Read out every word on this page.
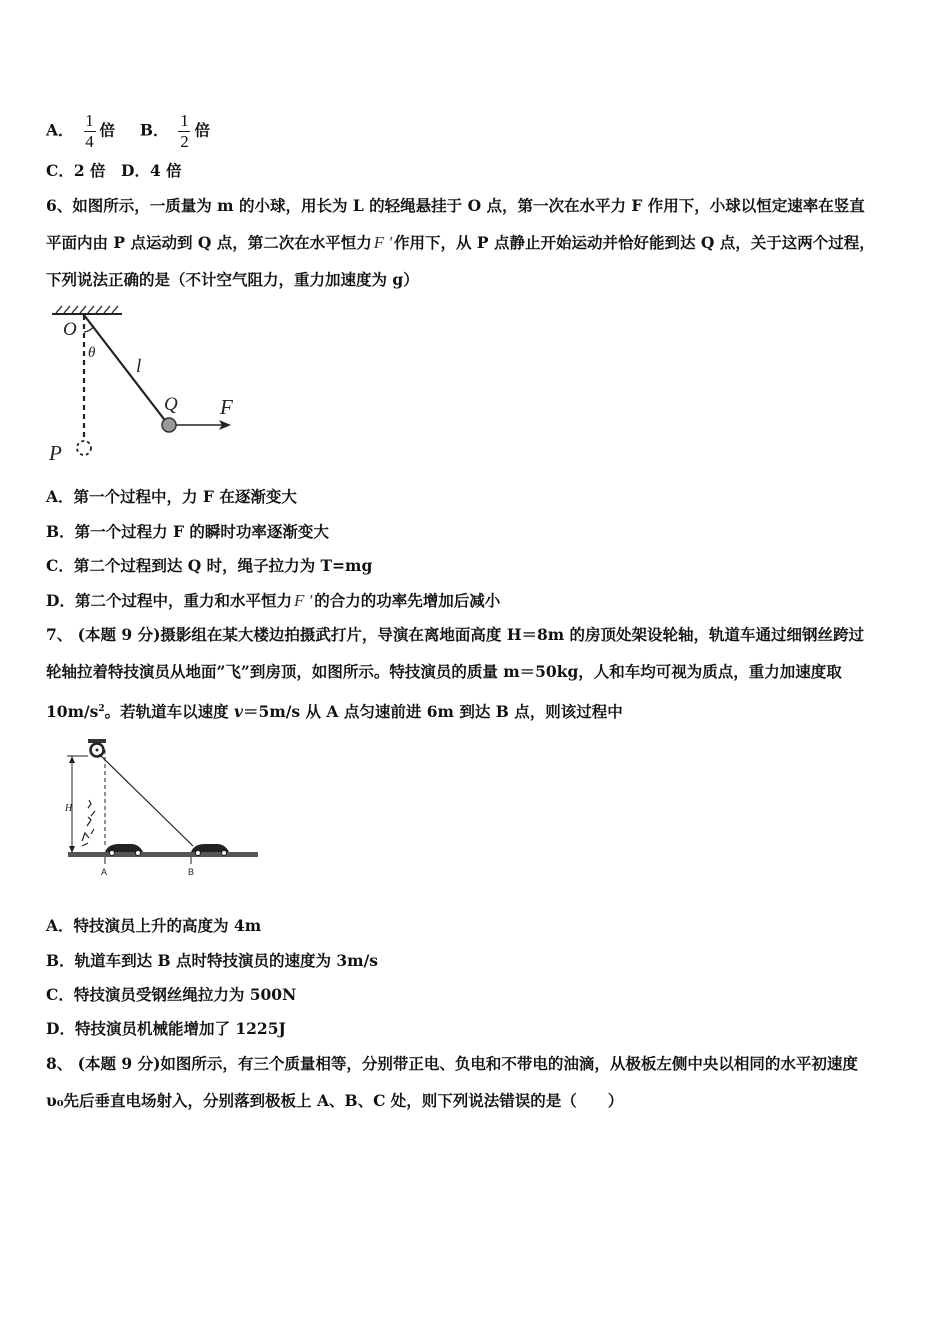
A． $\frac{1}{4}$ 倍 B． $\frac{1}{2}$ 倍
C．2 倍　D．4 倍
6、如图所示，一质量为 m 的小球，用长为 L 的轻绳悬挂于 O 点，第一次在水平力 F 作用下，小球以恒定速率在竖直
平面内由 P 点运动到 Q 点，第二次在水平恒力 F ' 作用下，从 P 点静止开始运动并恰好能到达 Q 点，关于这两个过程，
下列说法正确的是（不计空气阻力，重力加速度为 g）
O
θ
l
Q F
P
A．第一个过程中，力 F 在逐渐变大
B．第一个过程力 F 的瞬时功率逐渐变大
C．第二个过程到达 Q 时，绳子拉力为 T=mg
D．第二个过程中，重力和水平恒力 F ' 的合力的功率先增加后减小
7、 (本题 9 分)摄影组在某大楼边拍摄武打片，导演在离地面高度 H＝8m 的房顶处架设轮轴，轨道车通过细钢丝跨过
轮轴拉着特技演员从地面”飞”到房顶，如图所示。特技演员的质量 m＝50kg，人和车均可视为质点，重力加速度取
$10m/s^2$。若轨道车以速度 v＝5m/s 从 A 点匀速前进 6m 到达 B 点，则该过程中
H
A	B
A．特技演员上升的高度为 4m
B．轨道车到达 B 点时特技演员的速度为 3m/s
C．特技演员受钢丝绳拉力为 500N
D．特技演员机械能增加了 1225J
8、 (本题 9 分)如图所示，有三个质量相等，分别带正电、负电和不带电的油滴，从极板左侧中央以相同的水平初速度
υ₀先后垂直电场射入，分别落到极板上 A、B、C 处，则下列说法错误的是（　　）
